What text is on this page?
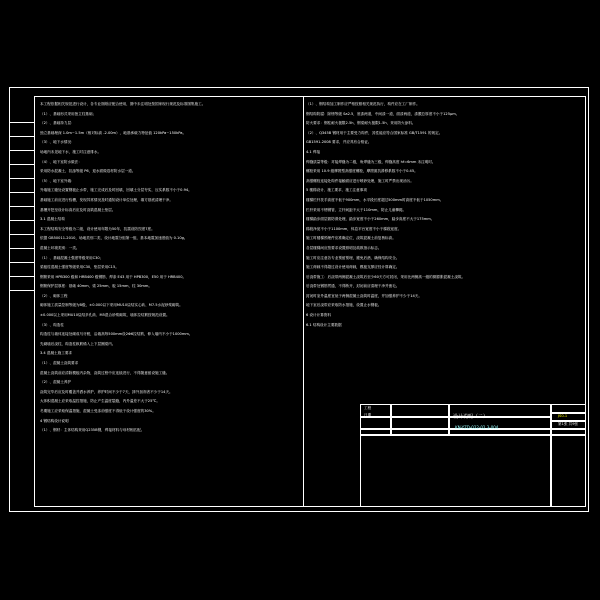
本工程依据相关规范进行设计，各专业图纸应配合使用，图中未注明处按国家现行规范及标准图集施工。
（1）、基础形式采用独立柱基础；
（2）、基础持力层：
独立基础埋深 1.0m~1.5m（相对标高 -2.00m），地基承载力特征值 120kPa~150kPa。
（3）、地下水情况：
场地内未见地下水，施工时注意排水。
（4）、地下室防水做法：
采用防水混凝土，抗渗等级 P6，迎水面做卷材防水层一道。
（5）、地下室外墙：
外墙施工缝处设置钢板止水带，施工完成后及时回填，回填土分层夯实，压实系数不小于0.94。
基础施工前应进行验槽，发现异常情况及时通知设计单位处理，填方基底清理干净。
基槽开挖至设计标高后应及时浇筑混凝土垫层。
3.1 混凝土结构
本工程结构安全等级为二级，设计使用年限为50年，抗震设防烈度7度。
依据 GB50011-2010，场地类别二类，设计地震分组第一组，基本地震加速度值为 0.10g。
混凝土环境类别：一类。
（1）、基础混凝土强度等级采用C30；
梁板柱混凝土强度等级采用C30，垫层采用C15。
钢筋采用 HPB300 级和 HRB400 级钢筋，焊条 E43 用于 HPB300，E50 用于 HRB400。
钢筋保护层厚度：基础 40mm，梁 25mm，板 15mm，柱 30mm。
（2）、砌体工程
砌体施工质量控制等级为B级，±0.000以下采用MU10烧结实心砖、M7.5水泥砂浆砌筑。
±0.000以上采用MU10烧结多孔砖、M5混合砂浆砌筑，墙体拉结筋按规范设置。
（3）、构造柱
构造柱与墙体连接处砌成马牙槎，沿墙高每500mm设2Φ6拉结筋，伸入墙内不小于1000mm。
先砌墙后浇柱，构造柱纵筋锚入上下层圈梁内。
3.4 混凝土施工要求
（1）、混凝土浇筑要求
混凝土浇筑前应清除模板内杂物，浇筑过程中应连续进行，不得随意留设施工缝。
（2）、混凝土养护
浇筑完毕后应及时覆盖并洒水养护，养护时间不少于7天，掺外加剂者不少于14天。
大体积混凝土应采取温控措施，防止产生温度裂缝，内外温差不大于25℃。
冬期施工应采取保温措施，混凝土受冻前强度不得低于设计强度的30%。
4 钢结构设计说明
（1）、钢材：主体结构采用Q235B钢，焊接材料与母材相匹配。
（1）、钢结构加工制作应严格按照相关规范执行，构件应在工厂制作。
钢结构防腐：除锈等级 Sa2.5，底漆两道，中间漆一道，面漆两道，漆膜总厚度不小于125μm。
防火要求：钢柱耐火极限2.5h，钢梁耐火极限1.5h，采用防火涂料。
（2）、Q345B 钢材用于主要受力构件，其性能应符合国家标准 GB/T1591 的规定。
GB1591-2008 要求，并应具有合格证。
4.1 焊接
焊缝质量等级：对接焊缝为二级，角焊缝为三级，焊缝高度 hf=6mm 未注明时。
螺栓采用 10.9 级摩擦型高强度螺栓，摩擦面抗滑移系数不小于0.45。
高强螺栓连接处构件接触面应进行喷砂处理，施工时严禁出现油污。
5 楼梯设计、施工要求、施工注意事项
楼梯栏杆扶手高度不低于900mm，水平段长度超过500mm时高度不低于1050mm。
栏杆采用不锈钢管，立杆间距不大于110mm，防止儿童攀爬。
楼梯踏步面层做防滑处理，踏步宽度不小于260mm，踏步高度不大于175mm。
梯段净宽不小于1100mm，休息平台宽度不小于梯段宽度。
施工时楼梯预埋件应准确定位，浇筑混凝土前复核标高。
各层楼梯间应按要求设置照明及疏散指示标志。
施工时应注意各专业预留预埋，避免后凿，确保结构安全。
施工荷载不得超过设计使用荷载，模板支撑应经计算确定。
后浇带施工：后浇带两侧混凝土浇筑后至少60天方可封闭，采用比两侧高一级的微膨胀混凝土浇筑。
后浇带处钢筋贯通，不得断开，封闭前应清理干净并凿毛。
封闭时室外温度宜低于两侧混凝土浇筑时温度，并加强养护不少于14天。
地下室后浇带应采取防水措施，设置止水钢板。
6 设计计算资料
6.1 结构设计主要数据
日期
工程
设计说明（二）
KN-YZD-022-02.3-004
JS0-1
第1张 共9张
